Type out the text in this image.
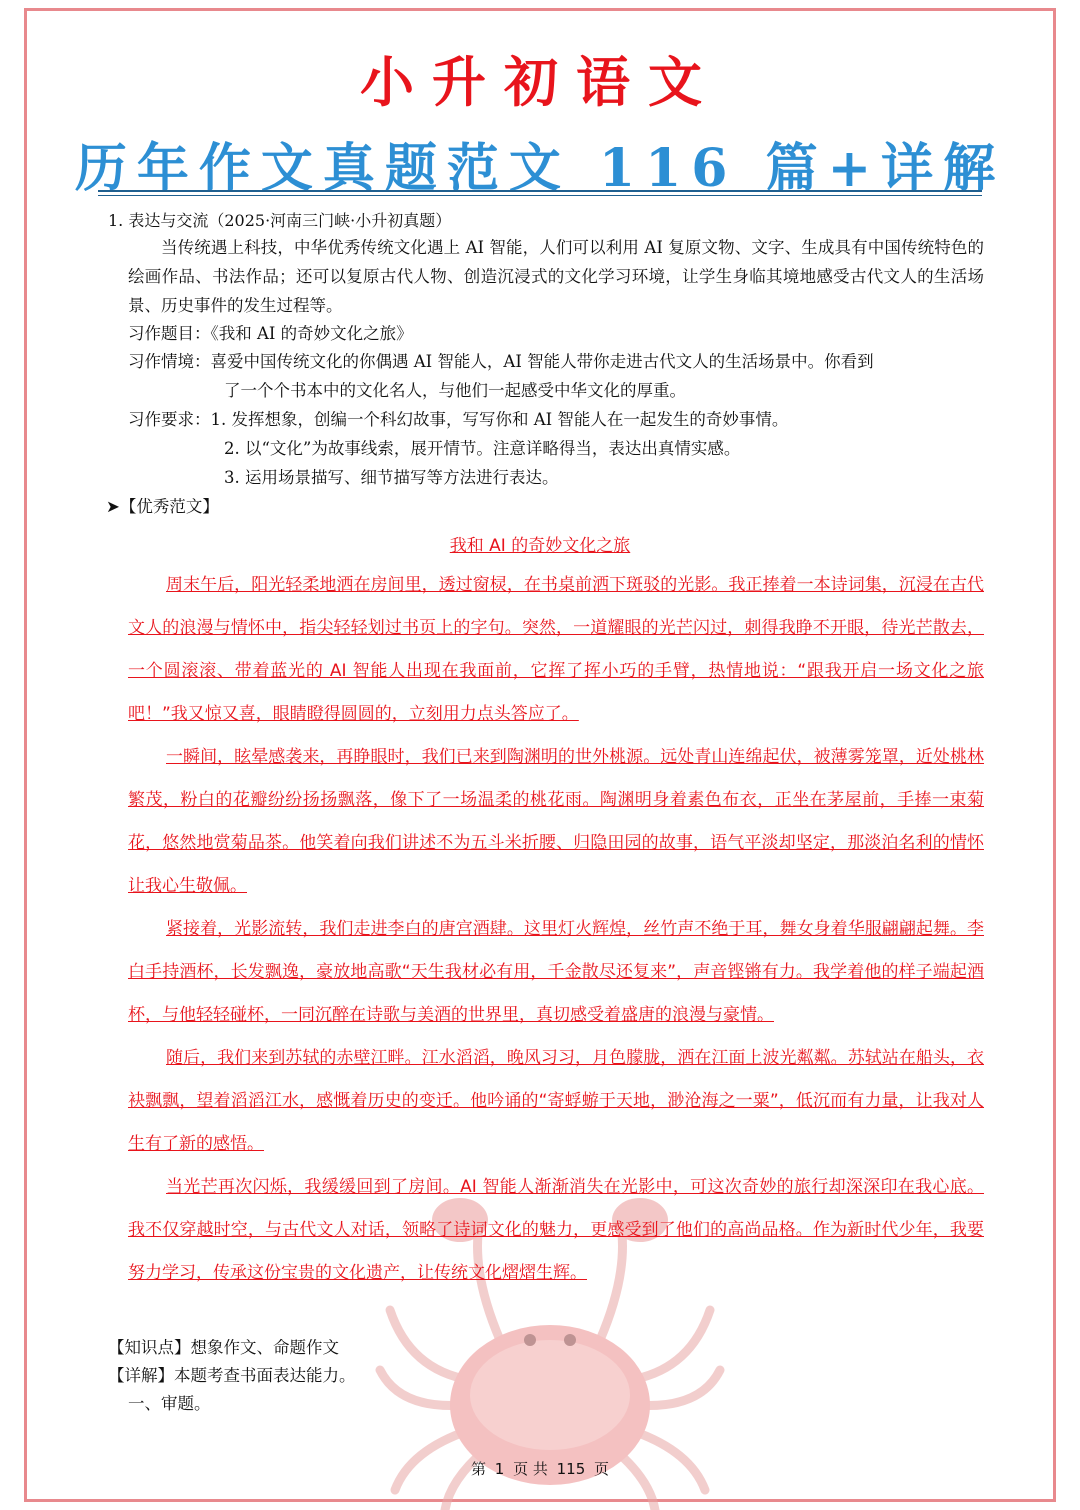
小升初语文
历年作文真题范文 116 篇+详解
1. 表达与交流（2025·河南三门峡·小升初真题）
当传统遇上科技，中华优秀传统文化遇上 AI 智能，人们可以利用 AI 复原文物、文字、生成具有中国传统特色的绘画作品、书法作品；还可以复原古代人物、创造沉浸式的文化学习环境，让学生身临其境地感受古代文人的生活场景、历史事件的发生过程等。
习作题目：《我和 AI 的奇妙文化之旅》
习作情境：喜爱中国传统文化的你偶遇 AI 智能人，AI 智能人带你走进古代文人的生活场景中。你看到
了一个个书本中的文化名人，与他们一起感受中华文化的厚重。
习作要求：1. 发挥想象，创编一个科幻故事，写写你和 AI 智能人在一起发生的奇妙事情。
2. 以“文化”为故事线索，展开情节。注意详略得当，表达出真情实感。
3. 运用场景描写、细节描写等方法进行表达。
➤【优秀范文】
我和 AI 的奇妙文化之旅

周末午后，阳光轻柔地洒在房间里，透过窗棂，在书桌前洒下斑驳的光影。我正捧着一本诗词集，沉浸在古代文人的浪漫与情怀中，指尖轻轻划过书页上的字句。突然，一道耀眼的光芒闪过，刺得我睁不开眼，待光芒散去，一个圆滚滚、带着蓝光的 AI 智能人出现在我面前，它挥了挥小巧的手臂，热情地说：“跟我开启一场文化之旅吧！”我又惊又喜，眼睛瞪得圆圆的，立刻用力点头答应了。

一瞬间，眩晕感袭来，再睁眼时，我们已来到陶渊明的世外桃源。远处青山连绵起伏，被薄雾笼罩，近处桃林繁茂，粉白的花瓣纷纷扬扬飘落，像下了一场温柔的桃花雨。陶渊明身着素色布衣，正坐在茅屋前，手捧一束菊花，悠然地赏菊品茶。他笑着向我们讲述不为五斗米折腰、归隐田园的故事，语气平淡却坚定，那淡泊名利的情怀让我心生敬佩。

紧接着，光影流转，我们走进李白的唐宫酒肆。这里灯火辉煌，丝竹声不绝于耳，舞女身着华服翩翩起舞。李白手持酒杯，长发飘逸，豪放地高歌“天生我材必有用，千金散尽还复来”，声音铿锵有力。我学着他的样子端起酒杯，与他轻轻碰杯，一同沉醉在诗歌与美酒的世界里，真切感受着盛唐的浪漫与豪情。

随后，我们来到苏轼的赤壁江畔。江水滔滔，晚风习习，月色朦胧，洒在江面上波光粼粼。苏轼站在船头，衣袂飘飘，望着滔滔江水，感慨着历史的变迁。他吟诵的“寄蜉蝣于天地，渺沧海之一粟”，低沉而有力量，让我对人生有了新的感悟。

当光芒再次闪烁，我缓缓回到了房间。AI 智能人渐渐消失在光影中，可这次奇妙的旅行却深深印在我心底。我不仅穿越时空，与古代文人对话，领略了诗词文化的魅力，更感受到了他们的高尚品格。作为新时代少年，我要努力学习，传承这份宝贵的文化遗产，让传统文化熠熠生辉。

【知识点】想象作文、命题作文
【详解】本题考查书面表达能力。
一、审题。
第 1 页 共 115 页
